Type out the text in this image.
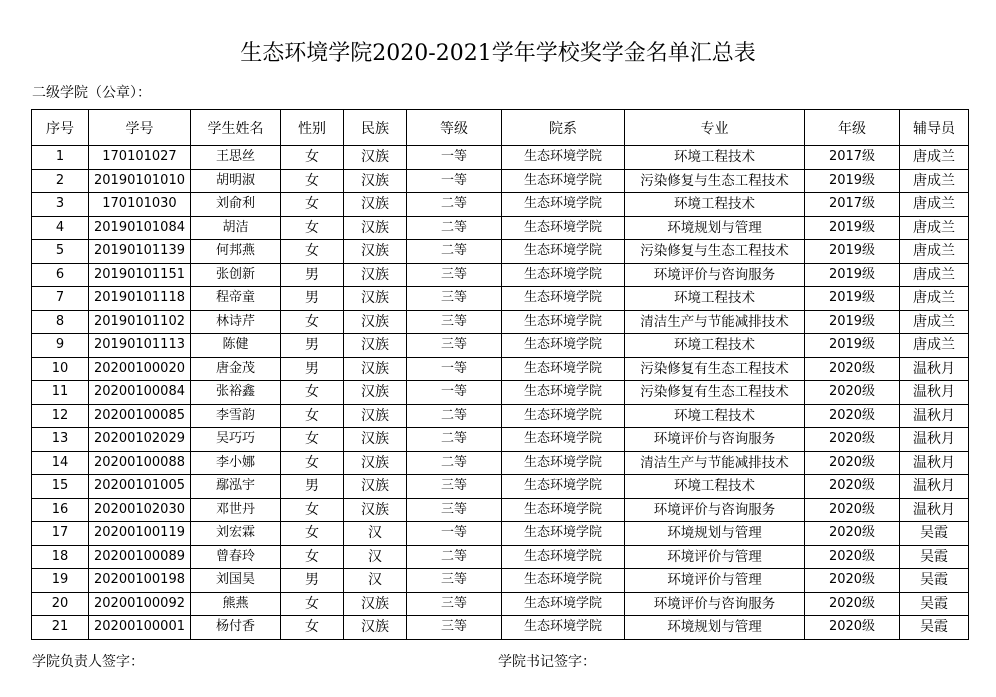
生态环境学院2020-2021学年学校奖学金名单汇总表
二级学院（公章）：
序号	学号	学生姓名	性别	民族	等级	院系	专业	年级	辅导员
1	170101027	王思丝	女	汉族	一等	生态环境学院	环境工程技术	2017级	唐成兰
2	20190101010	胡明淑	女	汉族	一等	生态环境学院	污染修复与生态工程技术	2019级	唐成兰
3	170101030	刘俞利	女	汉族	二等	生态环境学院	环境工程技术	2017级	唐成兰
4	20190101084	胡洁	女	汉族	二等	生态环境学院	环境规划与管理	2019级	唐成兰
5	20190101139	何邦燕	女	汉族	二等	生态环境学院	污染修复与生态工程技术	2019级	唐成兰
6	20190101151	张创新	男	汉族	三等	生态环境学院	环境评价与咨询服务	2019级	唐成兰
7	20190101118	程帝童	男	汉族	三等	生态环境学院	环境工程技术	2019级	唐成兰
8	20190101102	林诗芹	女	汉族	三等	生态环境学院	清洁生产与节能减排技术	2019级	唐成兰
9	20190101113	陈健	男	汉族	三等	生态环境学院	环境工程技术	2019级	唐成兰
10	20200100020	唐金茂	男	汉族	一等	生态环境学院	污染修复有生态工程技术	2020级	温秋月
11	20200100084	张裕鑫	女	汉族	一等	生态环境学院	污染修复有生态工程技术	2020级	温秋月
12	20200100085	李雪韵	女	汉族	二等	生态环境学院	环境工程技术	2020级	温秋月
13	20200102029	吴巧巧	女	汉族	二等	生态环境学院	环境评价与咨询服务	2020级	温秋月
14	20200100088	李小娜	女	汉族	二等	生态环境学院	清洁生产与节能减排技术	2020级	温秋月
15	20200101005	鄢泓宇	男	汉族	三等	生态环境学院	环境工程技术	2020级	温秋月
16	20200102030	邓世丹	女	汉族	三等	生态环境学院	环境评价与咨询服务	2020级	温秋月
17	20200100119	刘宏霖	女	汉	一等	生态环境学院	环境规划与管理	2020级	吴霞
18	20200100089	曾春玲	女	汉	二等	生态环境学院	环境评价与管理	2020级	吴霞
19	20200100198	刘国昊	男	汉	三等	生态环境学院	环境评价与管理	2020级	吴霞
20	20200100092	熊燕	女	汉族	三等	生态环境学院	环境评价与咨询服务	2020级	吴霞
21	20200100001	杨付香	女	汉族	三等	生态环境学院	环境规划与管理	2020级	吴霞
学院负责人签字：	学院书记签字：
